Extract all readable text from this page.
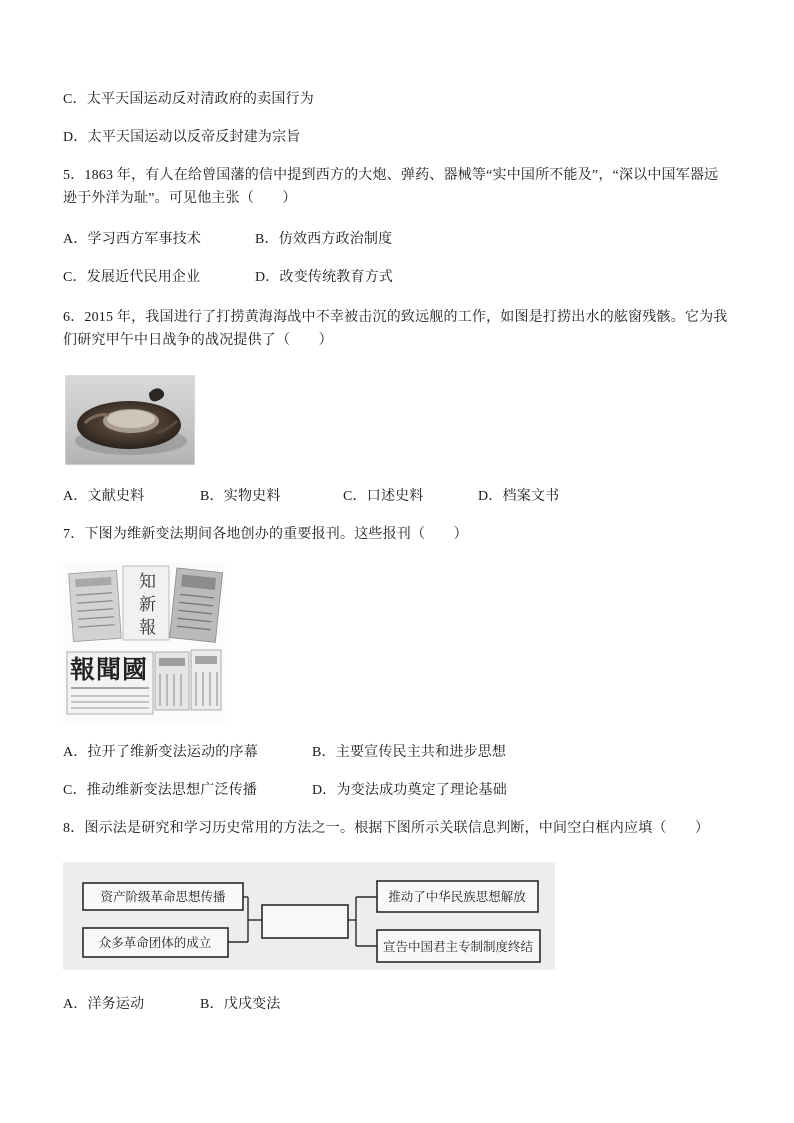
C．太平天国运动反对清政府的卖国行为
D．太平天国运动以反帝反封建为宗旨
5．1863 年，有人在给曾国藩的信中提到西方的大炮、弹药、器械等“实中国所不能及”，“深以中国军器远
逊于外洋为耻”。可见他主张（　　）
A．学习西方军事技术	B．仿效西方政治制度
C．发展近代民用企业	D．改变传统教育方式
6．2015 年，我国进行了打捞黄海海战中不幸被击沉的致远舰的工作，如图是打捞出水的舷窗残骸。它为我
们研究甲午中日战争的战况提供了（　　）
A．文献史料	B．实物史料	C．口述史料	D．档案文书
7．下图为维新变法期间各地创办的重要报刊。这些报刊（　　）
知新報
報聞國
A．拉开了维新变法运动的序幕	B．主要宣传民主共和进步思想
C．推动维新变法思想广泛传播	D．为变法成功奠定了理论基础
8．图示法是研究和学习历史常用的方法之一。根据下图所示关联信息判断，中间空白框内应填（　　）
资产阶级革命思想传播
众多革命团体的成立
推动了中华民族思想解放
宣告中国君主专制制度终结
A．洋务运动	B．戊戌变法
